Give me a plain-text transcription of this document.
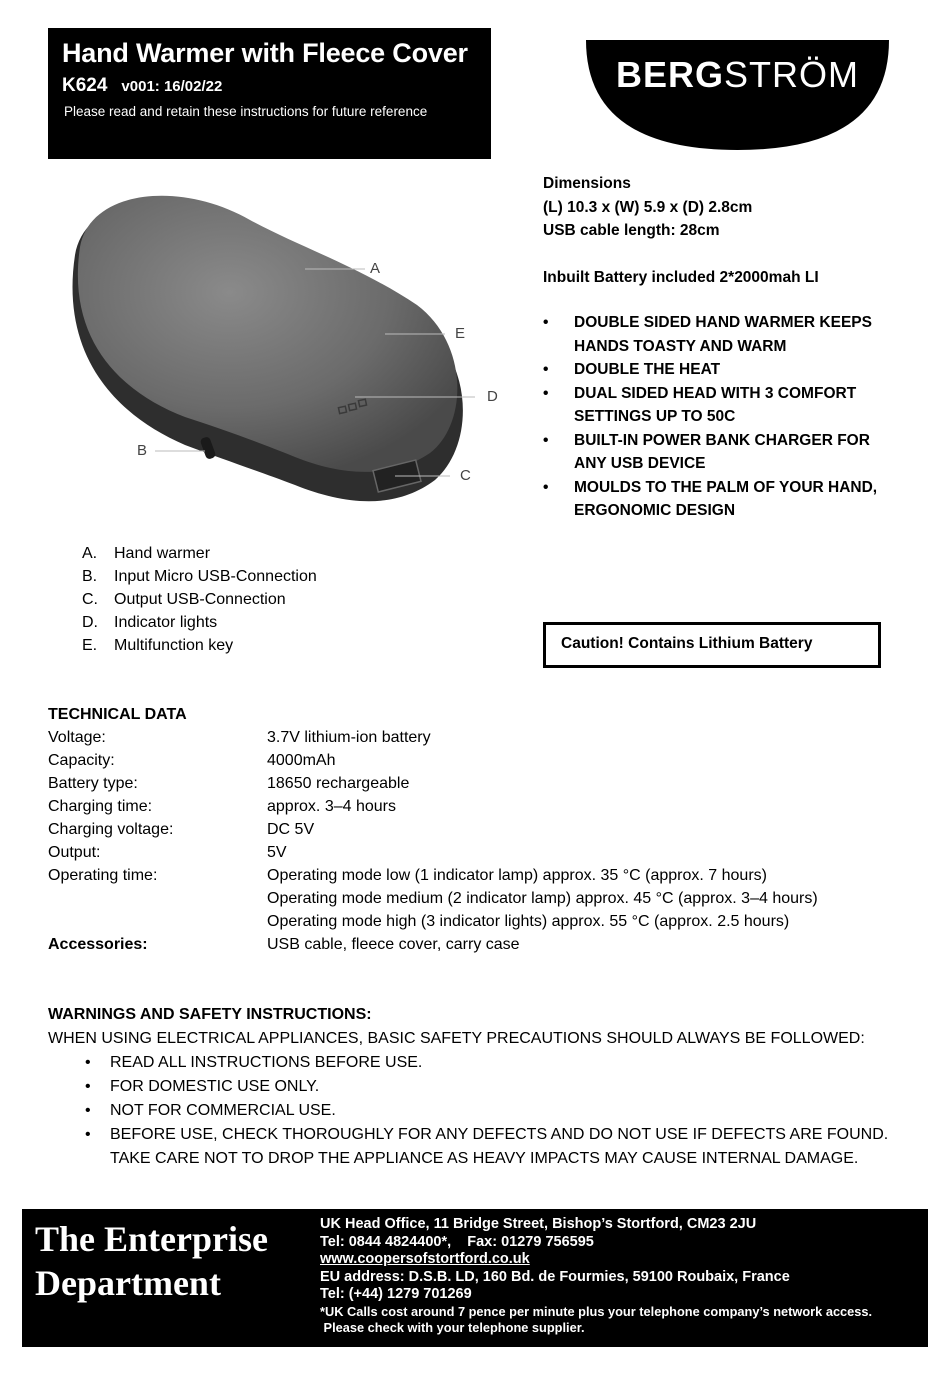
Hand Warmer with Fleece Cover
K624 v001: 16/02/22
Please read and retain these instructions for future reference
BERGSTRÖM
A
B
C
D
E
Dimensions
(L) 10.3 x (W) 5.9 x (D) 2.8cm
USB cable length: 28cm
Inbuilt Battery included 2*2000mah LI
• DOUBLE SIDED HAND WARMER KEEPS HANDS TOASTY AND WARM
• DOUBLE THE HEAT
• DUAL SIDED HEAD WITH 3 COMFORT SETTINGS UP TO 50C
• BUILT-IN POWER BANK CHARGER FOR ANY USB DEVICE
• MOULDS TO THE PALM OF YOUR HAND, ERGONOMIC DESIGN
A. Hand warmer
B. Input Micro USB-Connection
C. Output USB-Connection
D. Indicator lights
E. Multifunction key	Caution! Contains Lithium Battery
TECHNICAL DATA
Voltage:	3.7V lithium-ion battery
Capacity:	4000mAh
Battery type:	18650 rechargeable
Charging time:	approx. 3–4 hours
Charging voltage:	DC 5V
Output:	5V
Operating time:	Operating mode low (1 indicator lamp) approx. 35 °C (approx. 7 hours)
Operating mode medium (2 indicator lamp) approx. 45 °C (approx. 3–4 hours)
Operating mode high (3 indicator lights) approx. 55 °C (approx. 2.5 hours)
Accessories:	USB cable, fleece cover, carry case
WARNINGS AND SAFETY INSTRUCTIONS:
WHEN USING ELECTRICAL APPLIANCES, BASIC SAFETY PRECAUTIONS SHOULD ALWAYS BE FOLLOWED:
• READ ALL INSTRUCTIONS BEFORE USE.
• FOR DOMESTIC USE ONLY.
• NOT FOR COMMERCIAL USE.
• BEFORE USE, CHECK THOROUGHLY FOR ANY DEFECTS AND DO NOT USE IF DEFECTS ARE FOUND.
TAKE CARE NOT TO DROP THE APPLIANCE AS HEAVY IMPACTS MAY CAUSE INTERNAL DAMAGE.
The Enterprise
Department
UK Head Office, 11 Bridge Street, Bishop’s Stortford, CM23 2JU
Tel: 0844 4824400*,    Fax: 01279 756595
www.coopersofstortford.co.uk
EU address: D.S.B. LD, 160 Bd. de Fourmies, 59100 Roubaix, France
Tel: (+44) 1279 701269
*UK Calls cost around 7 pence per minute plus your telephone company’s network access.
Please check with your telephone supplier.
